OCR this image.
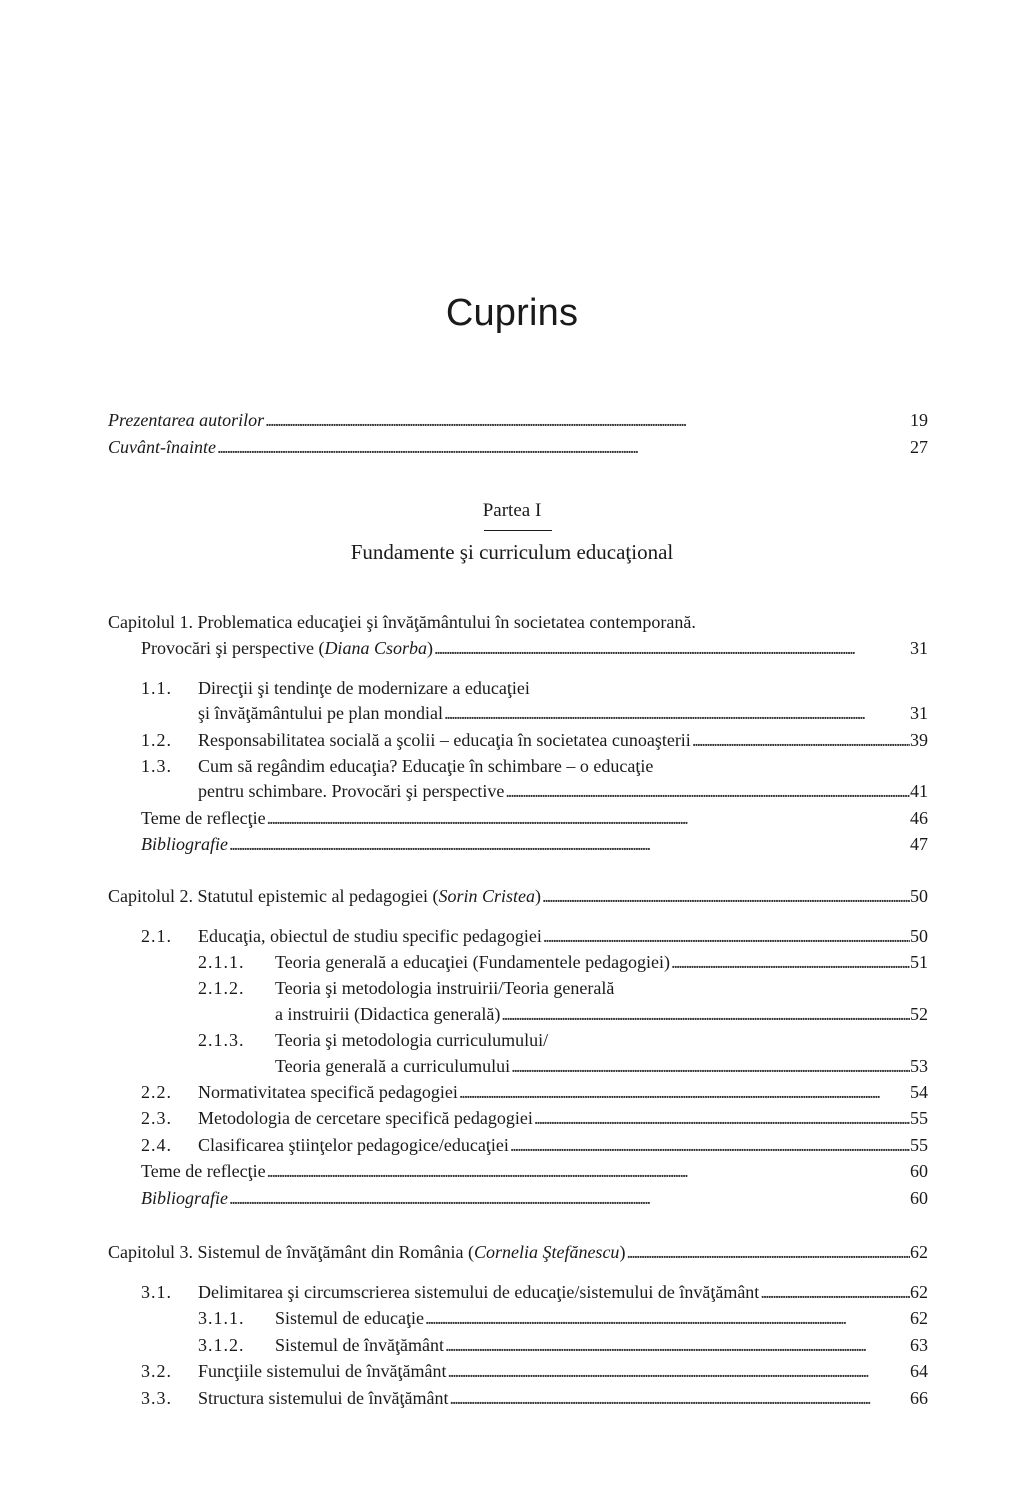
Cuprins
Prezentarea autorilor . . .	19
Cuvânt-înainte . . .	27
Partea I
Fundamente şi curriculum educaţional
Capitolul 1. Problematica educaţiei şi învăţământului în societatea contemporană.
Provocări şi perspective (Diana Csorba) . . .	31
1.1. Direcţii şi tendinţe de modernizare a educaţiei
şi învăţământului pe plan mondial . . .	31
1.2. Responsabilitatea socială a şcolii – educaţia în societatea cunoaşterii . . .	39
1.3. Cum să regândim educaţia? Educaţie în schimbare – o educaţie
pentru schimbare. Provocări şi perspective . . .	41
Teme de reflecţie . . .	46
Bibliografie . . .	47
Capitolul 2. Statutul epistemic al pedagogiei (Sorin Cristea) . . .	50
2.1. Educaţia, obiectul de studiu specific pedagogiei . . .	50
2.1.1. Teoria generală a educaţiei (Fundamentele pedagogiei) . . .	51
2.1.2. Teoria şi metodologia instruirii/Teoria generală
a instruirii (Didactica generală) . . .	52
2.1.3. Teoria şi metodologia curriculumului/
Teoria generală a curriculumului . . .	53
2.2. Normativitatea specifică pedagogiei . . .	54
2.3. Metodologia de cercetare specifică pedagogiei . . .	55
2.4. Clasificarea ştiinţelor pedagogice/educaţiei . . .	55
Teme de reflecţie . . .	60
Bibliografie . . .	60
Capitolul 3. Sistemul de învăţământ din România (Cornelia Ştefănescu) . . .	62
3.1. Delimitarea şi circumscrierea sistemului de educaţie/sistemului de învăţământ . . .	62
3.1.1. Sistemul de educaţie . . .	62
3.1.2. Sistemul de învăţământ . . .	63
3.2. Funcţiile sistemului de învăţământ . . .	64
3.3. Structura sistemului de învăţământ . . .	66
